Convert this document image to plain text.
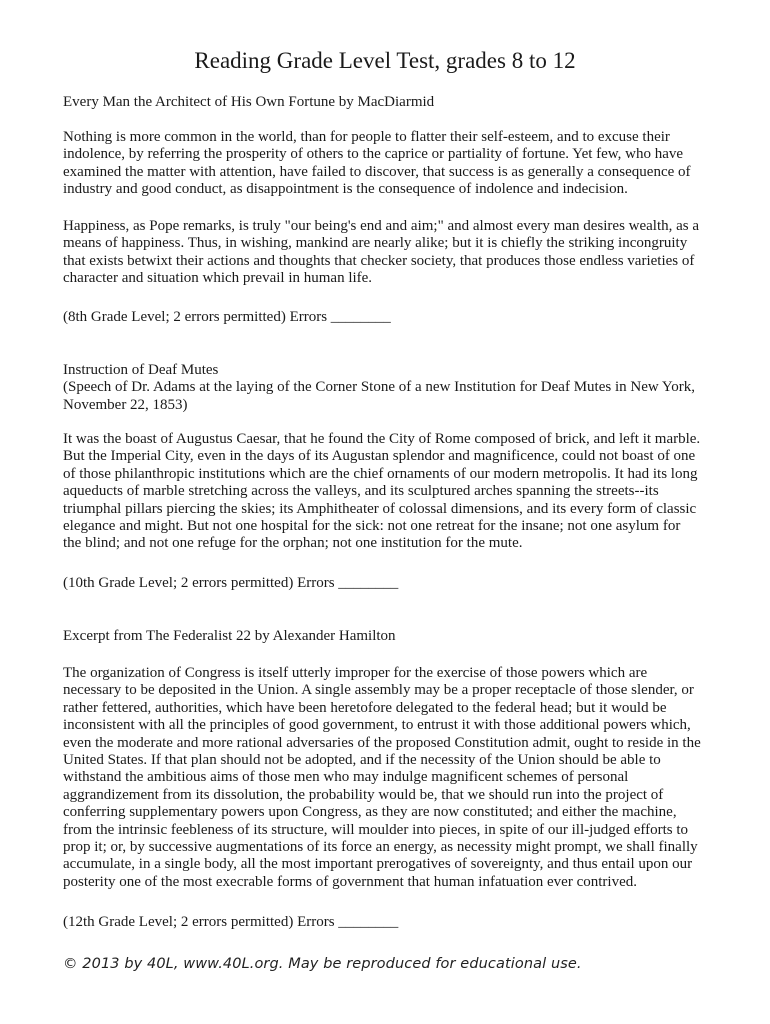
Reading Grade Level Test, grades 8 to 12
Every Man the Architect of His Own Fortune by MacDiarmid
Nothing is more common in the world, than for people to flatter their self-esteem, and to excuse their
indolence, by referring the prosperity of others to the caprice or partiality of fortune. Yet few, who have
examined the matter with attention, have failed to discover, that success is as generally a consequence of
industry and good conduct, as disappointment is the consequence of indolence and indecision.
Happiness, as Pope remarks, is truly "our being's end and aim;" and almost every man desires wealth, as a
means of happiness. Thus, in wishing, mankind are nearly alike; but it is chiefly the striking incongruity
that exists betwixt their actions and thoughts that checker society, that produces those endless varieties of
character and situation which prevail in human life.
(8th Grade Level; 2 errors permitted) Errors ________
Instruction of Deaf Mutes
(Speech of Dr. Adams at the laying of the Corner Stone of a new Institution for Deaf Mutes in New York,
November 22, 1853)
It was the boast of Augustus Caesar, that he found the City of Rome composed of brick, and left it marble.
But the Imperial City, even in the days of its Augustan splendor and magnificence, could not boast of one
of those philanthropic institutions which are the chief ornaments of our modern metropolis. It had its long
aqueducts of marble stretching across the valleys, and its sculptured arches spanning the streets--its
triumphal pillars piercing the skies; its Amphitheater of colossal dimensions, and its every form of classic
elegance and might. But not one hospital for the sick: not one retreat for the insane; not one asylum for
the blind; and not one refuge for the orphan; not one institution for the mute.
(10th Grade Level; 2 errors permitted) Errors ________
Excerpt from The Federalist 22 by Alexander Hamilton
The organization of Congress is itself utterly improper for the exercise of those powers which are
necessary to be deposited in the Union. A single assembly may be a proper receptacle of those slender, or
rather fettered, authorities, which have been heretofore delegated to the federal head; but it would be
inconsistent with all the principles of good government, to entrust it with those additional powers which,
even the moderate and more rational adversaries of the proposed Constitution admit, ought to reside in the
United States. If that plan should not be adopted, and if the necessity of the Union should be able to
withstand the ambitious aims of those men who may indulge magnificent schemes of personal
aggrandizement from its dissolution, the probability would be, that we should run into the project of
conferring supplementary powers upon Congress, as they are now constituted; and either the machine,
from the intrinsic feebleness of its structure, will moulder into pieces, in spite of our ill-judged efforts to
prop it; or, by successive augmentations of its force an energy, as necessity might prompt, we shall finally
accumulate, in a single body, all the most important prerogatives of sovereignty, and thus entail upon our
posterity one of the most execrable forms of government that human infatuation ever contrived.
(12th Grade Level; 2 errors permitted) Errors ________
© 2013 by 40L, www.40L.org. May be reproduced for educational use.
